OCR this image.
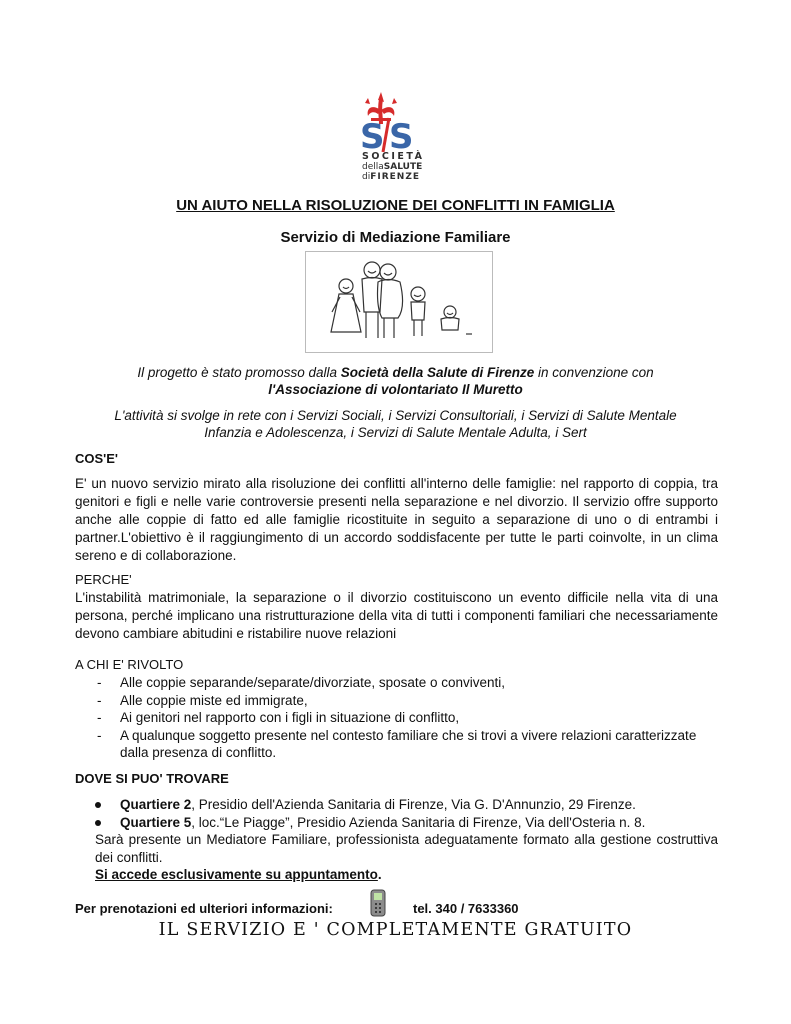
S S
SOCIETÀ
dellaSALUTE
diFIRENZE
UN AIUTO NELLA RISOLUZIONE DEI CONFLITTI IN FAMIGLIA
Servizio di Mediazione Familiare
Il progetto è stato promosso dalla Società della Salute di Firenze in convenzione con
l'Associazione di volontariato Il Muretto
L'attività si svolge in rete con i Servizi Sociali, i Servizi Consultoriali, i Servizi di Salute Mentale Infanzia e Adolescenza, i Servizi di Salute Mentale Adulta, i Sert
COS'E'
E' un nuovo servizio mirato alla risoluzione dei conflitti all'interno delle famiglie: nel rapporto di coppia, tra genitori e figli e nelle varie controversie presenti nella separazione e nel divorzio. Il servizio offre supporto anche alle coppie di fatto ed alle famiglie ricostituite in seguito a separazione di uno o di entrambi i partner.L'obiettivo è il raggiungimento di un accordo soddisfacente per tutte le parti coinvolte, in un clima sereno e di collaborazione.
PERCHE'
L'instabilità matrimoniale, la separazione o il divorzio costituiscono un evento difficile nella vita di una persona, perché implicano una ristrutturazione della vita di tutti i componenti familiari che necessariamente devono cambiare abitudini e ristabilire nuove relazioni
A CHI E' RIVOLTO
- Alle coppie separande/separate/divorziate, sposate o conviventi,
- Alle coppie miste ed immigrate,
- Ai genitori nel rapporto con i figli in situazione di conflitto,
- A qualunque soggetto presente nel contesto familiare che si trovi a vivere relazioni caratterizzate dalla presenza di conflitto.
DOVE SI PUO' TROVARE
Quartiere 2, Presidio dell'Azienda Sanitaria di Firenze, Via G. D'Annunzio, 29 Firenze.
Quartiere 5, loc.“Le Piagge”, Presidio Azienda Sanitaria di Firenze, Via dell'Osteria n. 8.
Sarà presente un Mediatore Familiare, professionista adeguatamente formato alla gestione costruttiva dei conflitti.
Si accede esclusivamente su appuntamento.
Per prenotazioni ed ulteriori informazioni:	tel. 340 / 7633360
IL SERVIZIO E ' COMPLETAMENTE GRATUITO
